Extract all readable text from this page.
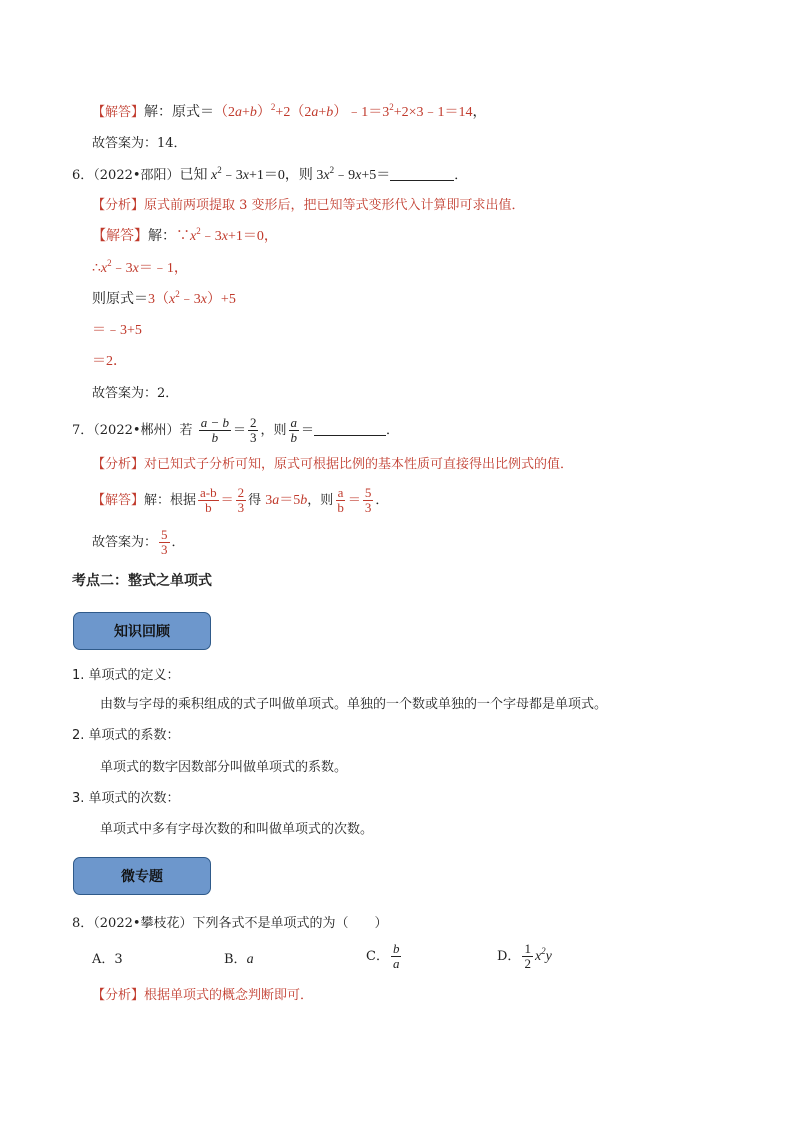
【解答】解：原式$=(2a+b)^2+2(2a+b)﹣1=3^2+2\times 3﹣1=14$，
故答案为：14．
6．（2022•邵阳）已知 $x^2﹣3x+1=0$，则 $3x^2﹣9x+5=$	．
【分析】原式前两项提取 3 变形后，把已知等式变形代入计算即可求出值．
【解答】解：$\because x^2﹣3x+1=0$，
$\therefore x^2﹣3x=﹣1$，
则原式$=3(x^2﹣3x)+5$
＝﹣3+5
＝2．
故答案为：2．
7．（2022•郴州）若 $\frac{a - b}{b} = \frac{2}{3}$ ，则 $\frac{a}{b}$ ＝	．
【分析】对已知式子分析可知，原式可根据比例的基本性质可直接得出比例式的值．
【解答】解：根据 $\frac{a-b}{b} = \frac{2}{3}$ 得 3a＝5b，则 $\frac{a}{b} = \frac{5}{3}$ ．
故答案为： $\frac{5}{3}$ ．
考点二：整式之单项式
知识回顾
1. 单项式的定义：
由数与字母的乘积组成的式子叫做单项式。单独的一个数或单独的一个字母都是单项式。
2. 单项式的系数：
单项式的数字因数部分叫做单项式的系数。
3. 单项式的次数：
单项式中多有字母次数的和叫做单项式的次数。
微专题
8．（2022•攀枝花）下列各式不是单项式的为（　　）
A．3	B．a	C． $\frac{b}{a}$	D． $\frac{1}{2} x^2y$
【分析】根据单项式的概念判断即可．
